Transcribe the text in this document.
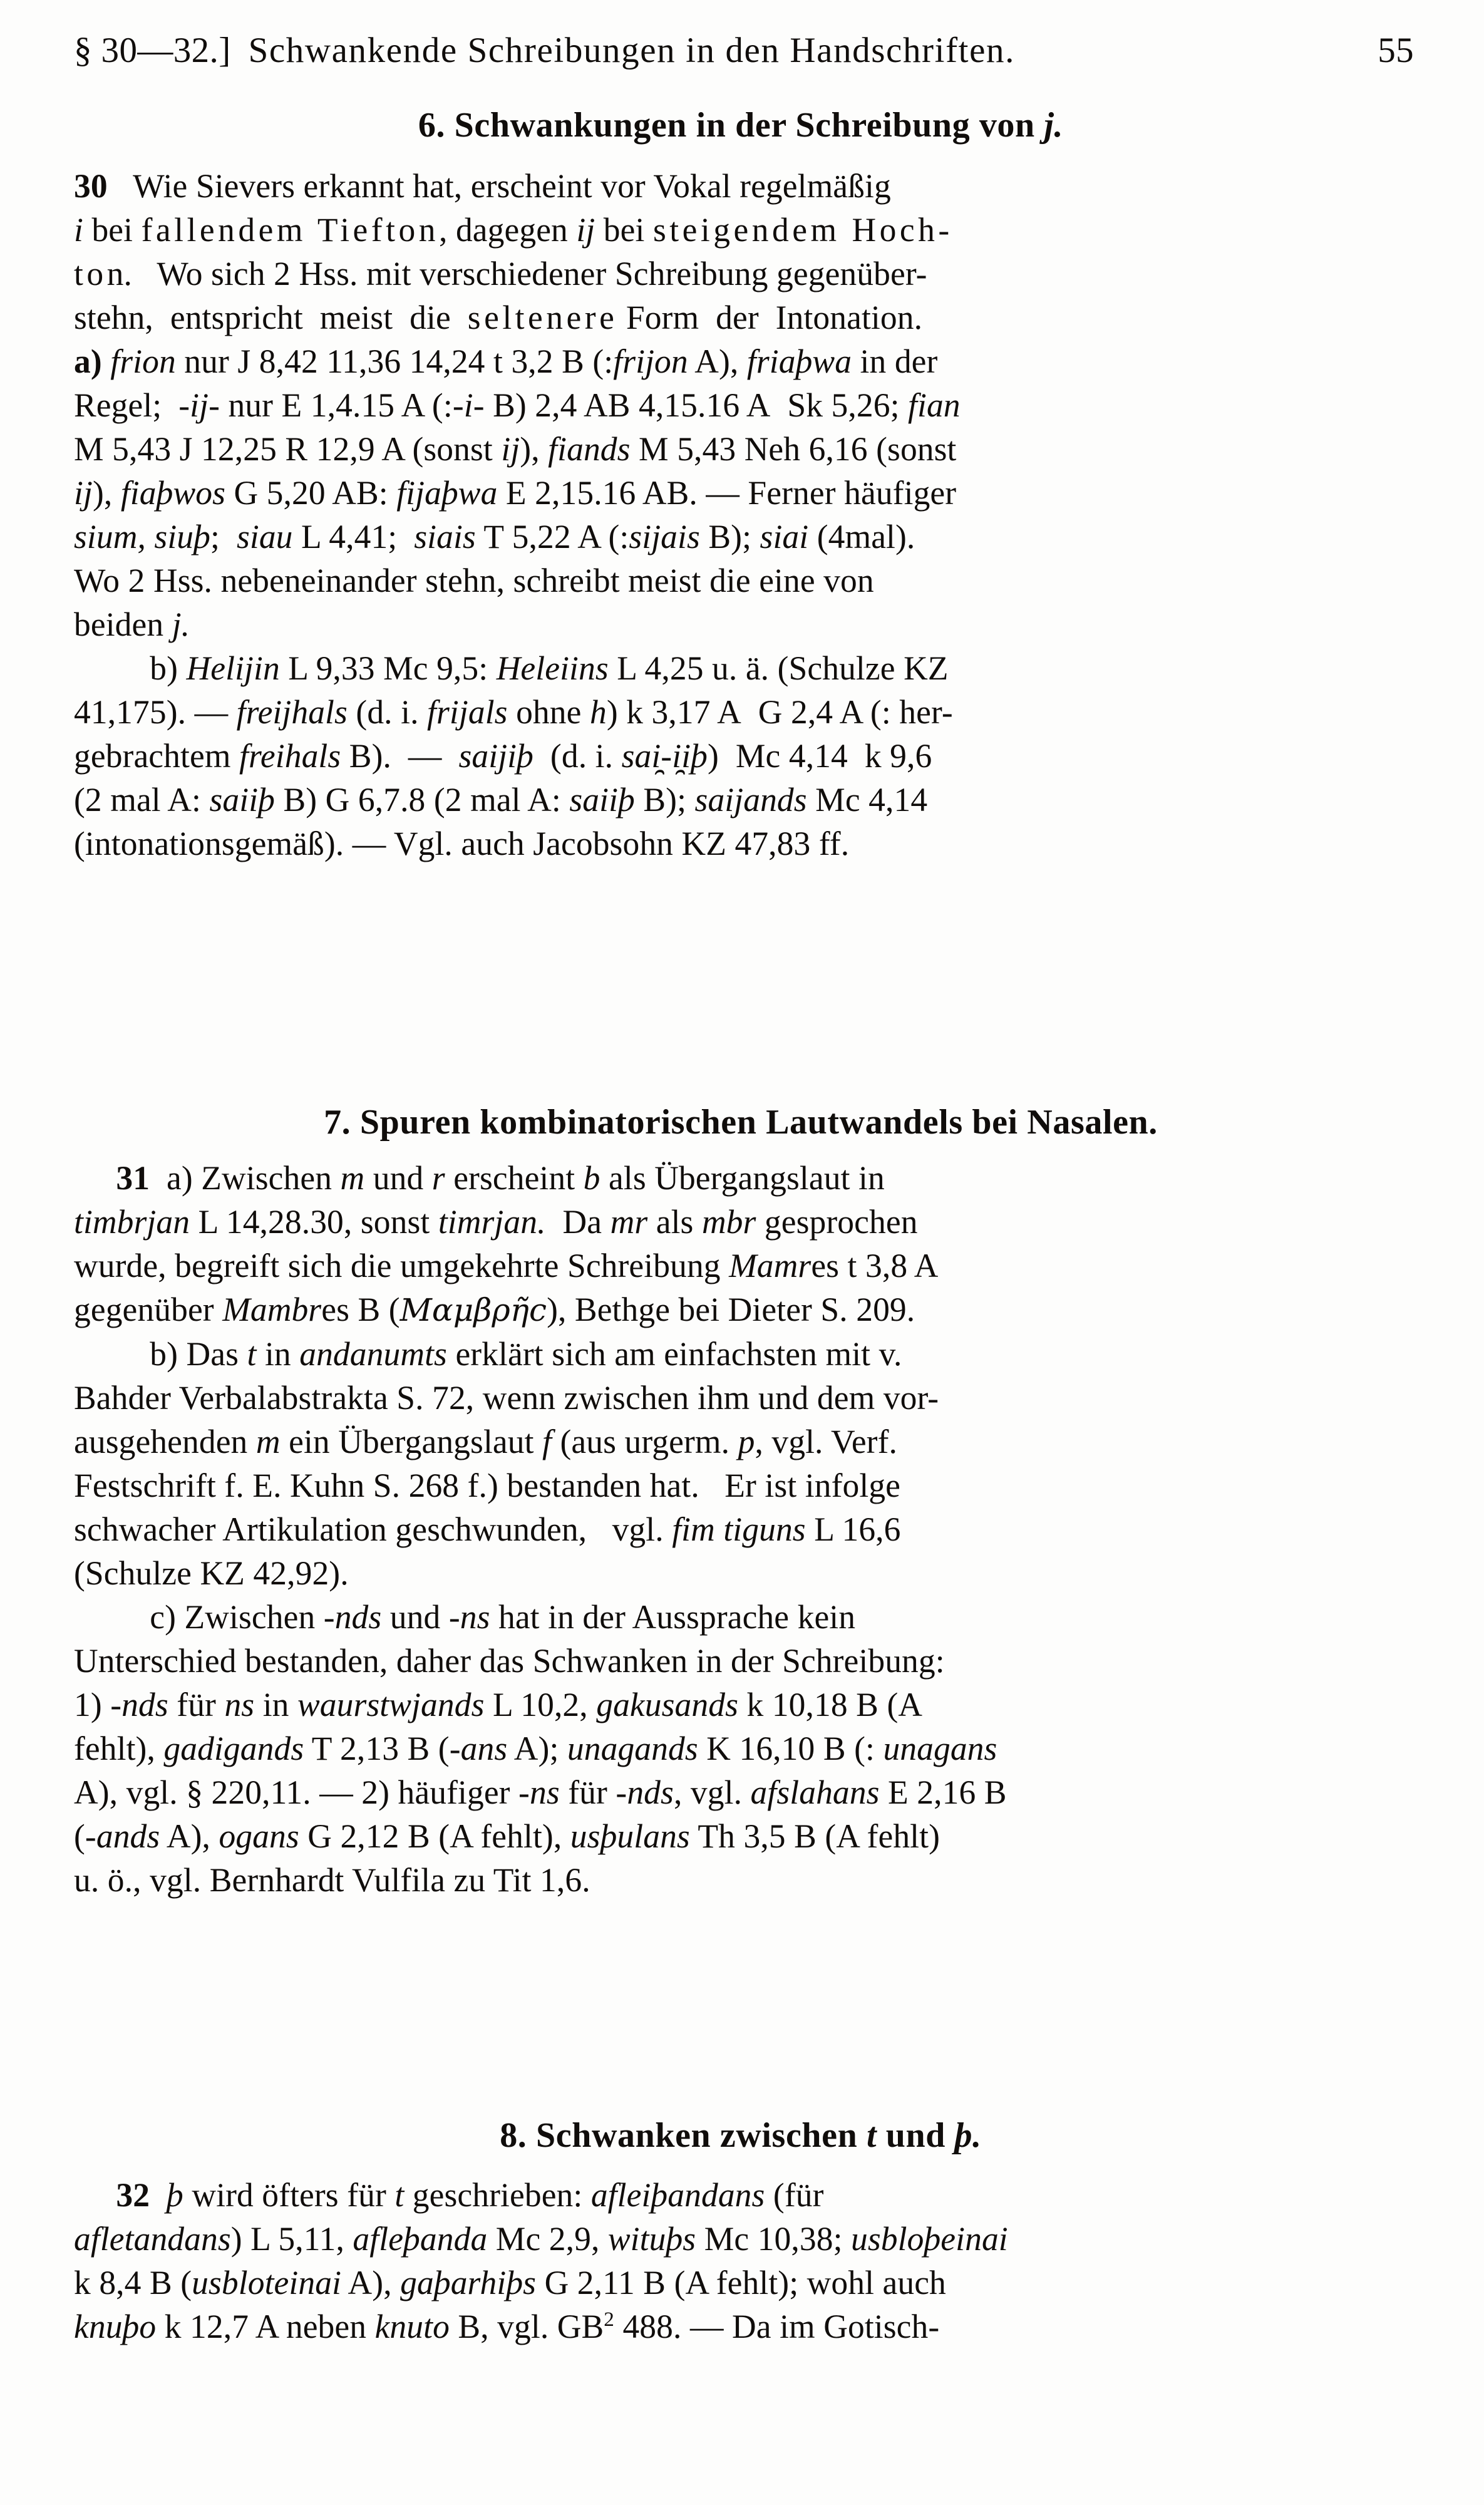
§ 30—32.] Schwankende Schreibungen in den Handschriften.	55
6. Schwankungen in der Schreibung von j.
30   Wie Sievers erkannt hat, erscheint vor Vokal regelmäßig
i bei fallendem Tiefton, dagegen ij bei steigendem Hoch-
ton.   Wo sich 2 Hss. mit verschiedener Schreibung gegenüber-
stehn,  entspricht  meist  die  seltenere Form  der  Intonation.
a) frion nur J 8,42 11,36 14,24 t 3,2 B (:frijon A), friaþwa in der
Regel;  -ij- nur E 1,4.15 A (:-i- B) 2,4 AB 4,15.16 A  Sk 5,26; fian
M 5,43 J 12,25 R 12,9 A (sonst ij), fiands M 5,43 Neh 6,16 (sonst
ij), fiaþwos G 5,20 AB: fijaþwa E 2,15.16 AB. — Ferner häufiger
sium, siuþ;  siau L 4,41;  siais T 5,22 A (:sijais B); siai (4mal).
Wo 2 Hss. nebeneinander stehn, schreibt meist die eine von
beiden j.
b) Helijin L 9,33 Mc 9,5: Heleiins L 4,25 u. ä. (Schulze KZ
41,175). — freijhals (d. i. frijals ohne h) k 3,17 A  G 2,4 A (: her-
gebrachtem freihals B).  —  saijiþ  (d. i. sai̯-i̯iþ)  Mc 4,14  k 9,6
(2 mal A: saiiþ B) G 6,7.8 (2 mal A: saiiþ B); saijands Mc 4,14
(intonationsgemäß). — Vgl. auch Jacobsohn KZ 47,83 ff.
7. Spuren kombinatorischen Lautwandels bei Nasalen.
31  a) Zwischen m und r erscheint b als Übergangslaut in
timbrjan L 14,28.30, sonst timrjan.  Da mr als mbr gesprochen
wurde, begreift sich die umgekehrte Schreibung Mamres t 3,8 A
gegenüber Mambres B (Μαμβρῆc), Bethge bei Dieter S. 209.
b) Das t in andanumts erklärt sich am einfachsten mit v.
Bahder Verbalabstrakta S. 72, wenn zwischen ihm und dem vor-
ausgehenden m ein Übergangslaut f (aus urgerm. p, vgl. Verf.
Festschrift f. E. Kuhn S. 268 f.) bestanden hat.   Er ist infolge
schwacher Artikulation geschwunden,   vgl. fim tiguns L 16,6
(Schulze KZ 42,92).
c) Zwischen -nds und -ns hat in der Aussprache kein
Unterschied bestanden, daher das Schwanken in der Schreibung:
1) -nds für ns in waurstwjands L 10,2, gakusands k 10,18 B (A
fehlt), gadigands T 2,13 B (-ans A); unagands K 16,10 B (: unagans
A), vgl. § 220,11. — 2) häufiger -ns für -nds, vgl. afslahans E 2,16 B
(-ands A), ogans G 2,12 B (A fehlt), usþulans Th 3,5 B (A fehlt)
u. ö., vgl. Bernhardt Vulfila zu Tit 1,6.
8. Schwanken zwischen t und þ.
32 þ wird öfters für t geschrieben: afleiþandans (für
afletandans) L 5,11, afleþanda Mc 2,9, wituþs Mc 10,38; usbloþeinai
k 8,4 B (usbloteinai A), gaþarhiþs G 2,11 B (A fehlt); wohl auch
knuþo k 12,7 A neben knuto B, vgl. $GB^2$ 488. — Da im Gotisch-
